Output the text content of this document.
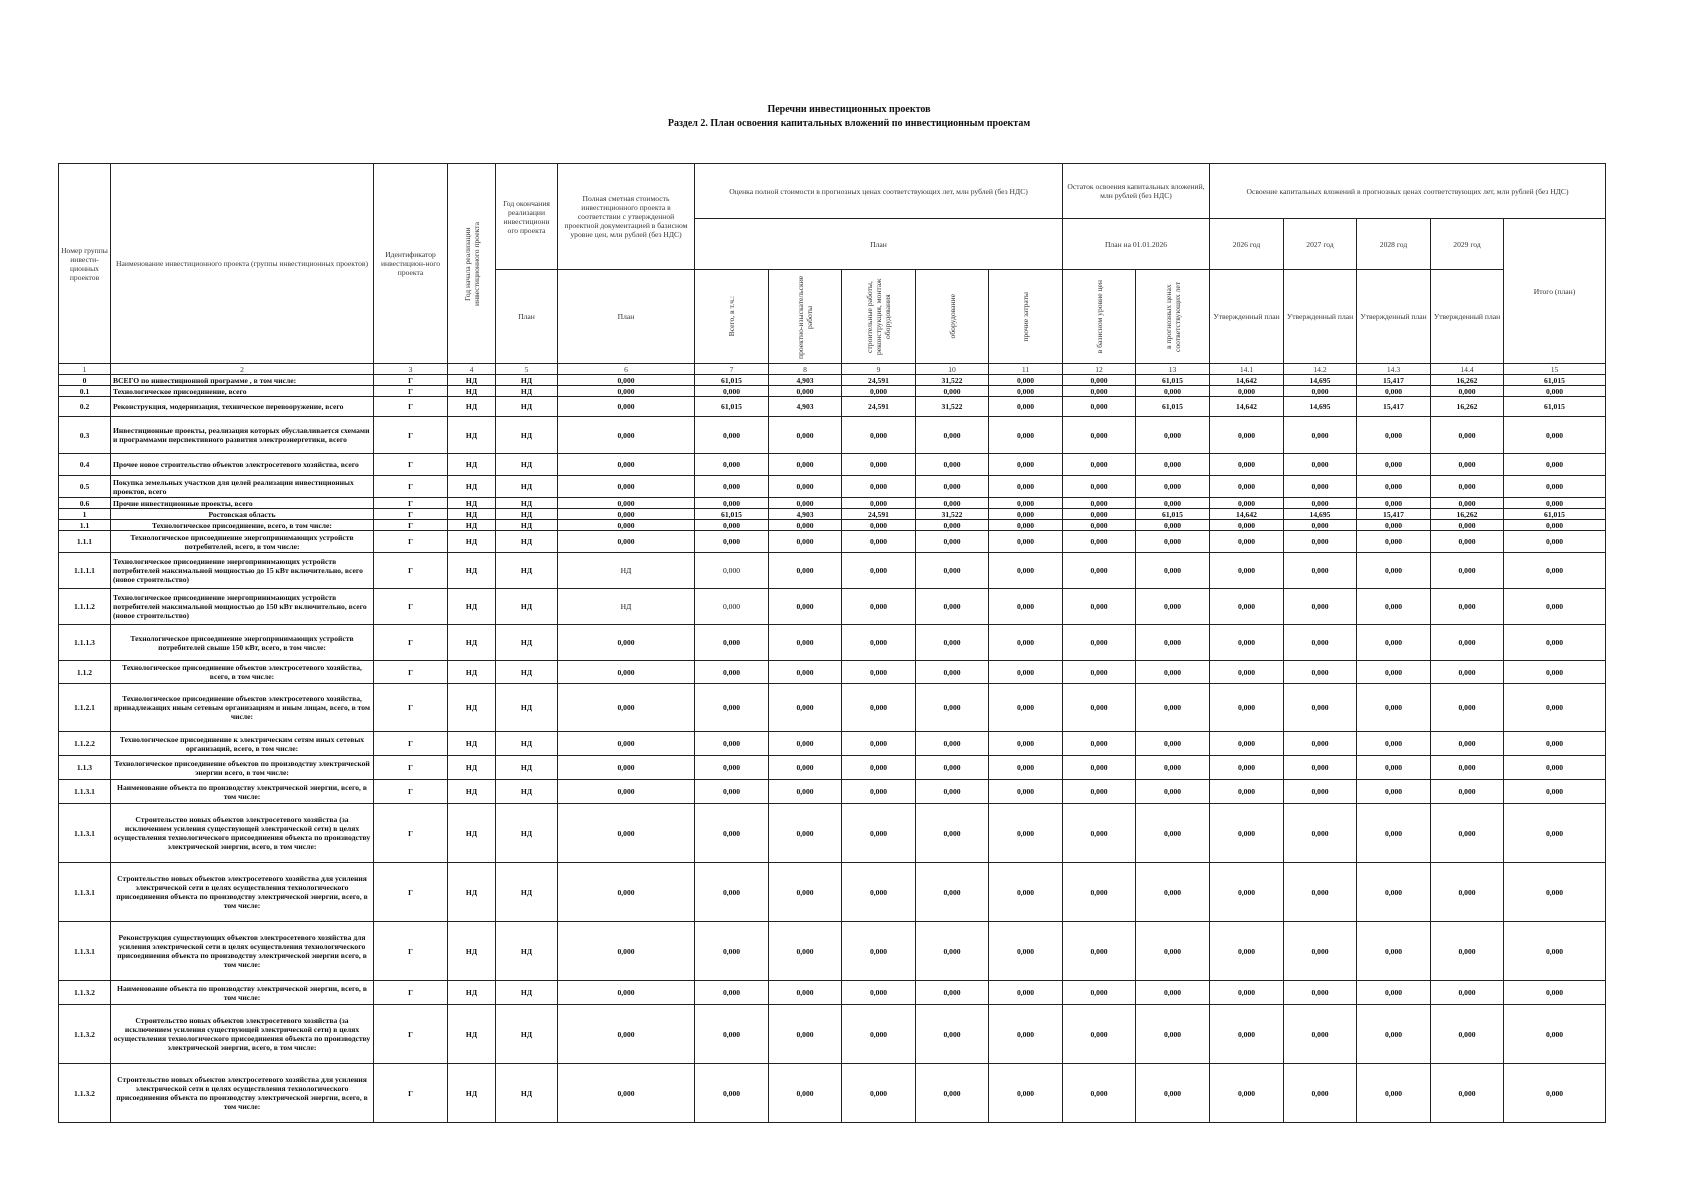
Перечни инвестиционных проектов
Раздел 2. План освоения капитальных вложений по инвестиционным проектам
Номер группы инвести-ционных проектов	Наименование инвестиционного проекта (группы инвестиционных проектов)	Идентификатор инвестицион-ного проекта	Год начала реализации инвестиционного проекта	Год окончания реализации инвестиционн ого проекта	Полная сметная стоимость инвестиционного проекта в соответствии с утвержденной проектной документацией в базисном уровне цен, млн рублей (без НДС)	Оценка полной стоимости в прогнозных ценах соответствующих лет, млн рублей (без НДС)					Остаток освоения капитальных вложений, млн рублей (без НДС)		Освоение капитальных вложений в прогнозных ценах соответствующих лет, млн рублей (без НДС)				
						План					План на 01.01.2026		2026 год	2027 год	2028 год	2029 год	Итого (план)
				План	План	Всего, в т.ч.:	проектно-изыскательские работы	строительные работы, реконструкция, монтаж оборудования	оборудование	прочие затраты	в базисном уровне цен	в прогнозных ценах соответствующих лет	Утвержденный план	Утвержденный план	Утвержденный план	Утвержденный план	
1	2	3	4	5	6	7	8	9	10	11	12	13	14.1	14.2	14.3	14.4	15
0	ВСЕГО по инвестиционной программе , в том числе:	Г	НД	НД	0,000	61,015	4,903	24,591	31,522	0,000	0,000	61,015	14,642	14,695	15,417	16,262	61,015
0.1	Технологическое присоединение, всего	Г	НД	НД	0,000	0,000	0,000	0,000	0,000	0,000	0,000	0,000	0,000	0,000	0,000	0,000	0,000
0.2	Реконструкция, модернизация, техническое перевооружение, всего	Г	НД	НД	0,000	61,015	4,903	24,591	31,522	0,000	0,000	61,015	14,642	14,695	15,417	16,262	61,015
0.3	Инвестиционные проекты, реализация которых обуславливается схемами и программами перспективного развития электроэнергетики, всего	Г	НД	НД	0,000	0,000	0,000	0,000	0,000	0,000	0,000	0,000	0,000	0,000	0,000	0,000	0,000
0.4	Прочее новое строительство объектов электросетевого хозяйства, всего	Г	НД	НД	0,000	0,000	0,000	0,000	0,000	0,000	0,000	0,000	0,000	0,000	0,000	0,000	0,000
0.5	Покупка земельных участков для целей реализации инвестиционных проектов, всего	Г	НД	НД	0,000	0,000	0,000	0,000	0,000	0,000	0,000	0,000	0,000	0,000	0,000	0,000	0,000
0.6	Прочие инвестиционные проекты, всего	Г	НД	НД	0,000	0,000	0,000	0,000	0,000	0,000	0,000	0,000	0,000	0,000	0,000	0,000	0,000
1	Ростовская область	Г	НД	НД	0,000	61,015	4,903	24,591	31,522	0,000	0,000	61,015	14,642	14,695	15,417	16,262	61,015
1.1	Технологическое присоединение, всего, в том числе:	Г	НД	НД	0,000	0,000	0,000	0,000	0,000	0,000	0,000	0,000	0,000	0,000	0,000	0,000	0,000
1.1.1	Технологическое присоединение энергопринимающих устройств потребителей, всего, в том числе:	Г	НД	НД	0,000	0,000	0,000	0,000	0,000	0,000	0,000	0,000	0,000	0,000	0,000	0,000	0,000
1.1.1.1	Технологическое присоединение энергопринимающих устройств потребителей максимальной мощностью до 15 кВт включительно, всего (новое строительство)	Г	НД	НД	НД	0,000	0,000	0,000	0,000	0,000	0,000	0,000	0,000	0,000	0,000	0,000	0,000
1.1.1.2	Технологическое присоединение энергопринимающих устройств потребителей максимальной мощностью до 150 кВт включительно, всего (новое строительство)	Г	НД	НД	НД	0,000	0,000	0,000	0,000	0,000	0,000	0,000	0,000	0,000	0,000	0,000	0,000
1.1.1.3	Технологическое присоединение энергопринимающих устройств потребителей свыше 150 кВт, всего, в том числе:	Г	НД	НД	0,000	0,000	0,000	0,000	0,000	0,000	0,000	0,000	0,000	0,000	0,000	0,000	0,000
1.1.2	Технологическое присоединение объектов электросетевого хозяйства, всего, в том числе:	Г	НД	НД	0,000	0,000	0,000	0,000	0,000	0,000	0,000	0,000	0,000	0,000	0,000	0,000	0,000
1.1.2.1	Технологическое присоединение объектов электросетевого хозяйства, принадлежащих иным сетевым организациям и иным лицам, всего, в том числе:	Г	НД	НД	0,000	0,000	0,000	0,000	0,000	0,000	0,000	0,000	0,000	0,000	0,000	0,000	0,000
1.1.2.2	Технологическое присоединение к электрическим сетям иных сетевых организаций, всего, в том числе:	Г	НД	НД	0,000	0,000	0,000	0,000	0,000	0,000	0,000	0,000	0,000	0,000	0,000	0,000	0,000
1.1.3	Технологическое присоединение объектов по производству электрической энергии всего, в том числе:	Г	НД	НД	0,000	0,000	0,000	0,000	0,000	0,000	0,000	0,000	0,000	0,000	0,000	0,000	0,000
1.1.3.1	Наименование объекта по производству электрической энергии, всего, в том числе:	Г	НД	НД	0,000	0,000	0,000	0,000	0,000	0,000	0,000	0,000	0,000	0,000	0,000	0,000	0,000
1.1.3.1	Строительство новых объектов электросетевого хозяйства (за исключением усиления существующей электрической сети) в целях осуществления технологического присоединения объекта по производству электрической энергии, всего, в том числе:	Г	НД	НД	0,000	0,000	0,000	0,000	0,000	0,000	0,000	0,000	0,000	0,000	0,000	0,000	0,000
1.1.3.1	Строительство новых объектов электросетевого хозяйства для усиления электрической сети в целях осуществления технологического присоединения объекта по производству электрической энергии, всего, в том числе:	Г	НД	НД	0,000	0,000	0,000	0,000	0,000	0,000	0,000	0,000	0,000	0,000	0,000	0,000	0,000
1.1.3.1	Реконструкция существующих объектов электросетевого хозяйства для усиления электрической сети в целях осуществления технологического присоединения объекта по производству электрической энергии всего, в том числе:	Г	НД	НД	0,000	0,000	0,000	0,000	0,000	0,000	0,000	0,000	0,000	0,000	0,000	0,000	0,000
1.1.3.2	Наименование объекта по производству электрической энергии, всего, в том числе:	Г	НД	НД	0,000	0,000	0,000	0,000	0,000	0,000	0,000	0,000	0,000	0,000	0,000	0,000	0,000
1.1.3.2	Строительство новых объектов электросетевого хозяйства (за исключением усиления существующей электрической сети) в целях осуществления технологического присоединения объекта по производству электрической энергии, всего, в том числе:	Г	НД	НД	0,000	0,000	0,000	0,000	0,000	0,000	0,000	0,000	0,000	0,000	0,000	0,000	0,000
1.1.3.2	Строительство новых объектов электросетевого хозяйства для усиления электрической сети в целях осуществления технологического присоединения объекта по производству электрической энергии, всего, в том числе:	Г	НД	НД	0,000	0,000	0,000	0,000	0,000	0,000	0,000	0,000	0,000	0,000	0,000	0,000	0,000
